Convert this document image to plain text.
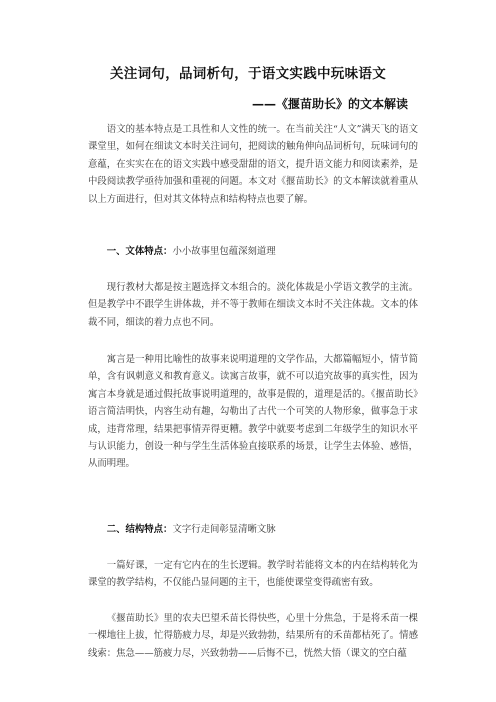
关注词句，品词析句，于语文实践中玩味语文
——《揠苗助长》的文本解读

语文的基本特点是工具性和人文性的统一。在当前关注“人文”满天飞的语文课堂里，如何在细读文本时关注词句，把阅读的触角伸向品词析句，玩味词句的意蕴，在实实在在的语文实践中感受甜甜的语文，提升语文能力和阅读素养，是中段阅读教学亟待加强和重视的问题。本文对《揠苗助长》的文本解读就着重从以上方面进行，但对其文体特点和结构特点也要了解。

一、文体特点：小小故事里包蕴深刻道理

现行教材大都是按主题选择文本组合的。淡化体裁是小学语文教学的主流。但是教学中不跟学生讲体裁，并不等于教师在细读文本时不关注体裁。文本的体裁不同，细读的着力点也不同。

寓言是一种用比喻性的故事来说明道理的文学作品，大都篇幅短小，情节简单，含有讽刺意义和教育意义。读寓言故事，就不可以追究故事的真实性，因为寓言本身就是通过假托故事说明道理的，故事是假的，道理是活的。《揠苗助长》语言简洁明快，内容生动有趣，勾勒出了古代一个可笑的人物形象，做事急于求成，违背常理，结果把事情弄得更糟。教学中就要考虑到二年级学生的知识水平与认识能力，创设一种与学生生活体验直接联系的场景，让学生去体验、感悟，从而明理。

二、结构特点：文字行走间彰显清晰文脉

一篇好课，一定有它内在的生长逻辑。教学时若能将文本的内在结构转化为课堂的教学结构，不仅能凸显问题的主干，也能使课堂变得疏密有致。

《揠苗助长》里的农夫巴望禾苗长得快些，心里十分焦急，于是将禾苗一棵一棵地往上拔，忙得筋疲力尽，却是兴致勃勃，结果所有的禾苗都枯死了。情感线索：焦急——筋疲力尽，兴致勃勃——后悔不已，恍然大悟（课文的空白蕴
